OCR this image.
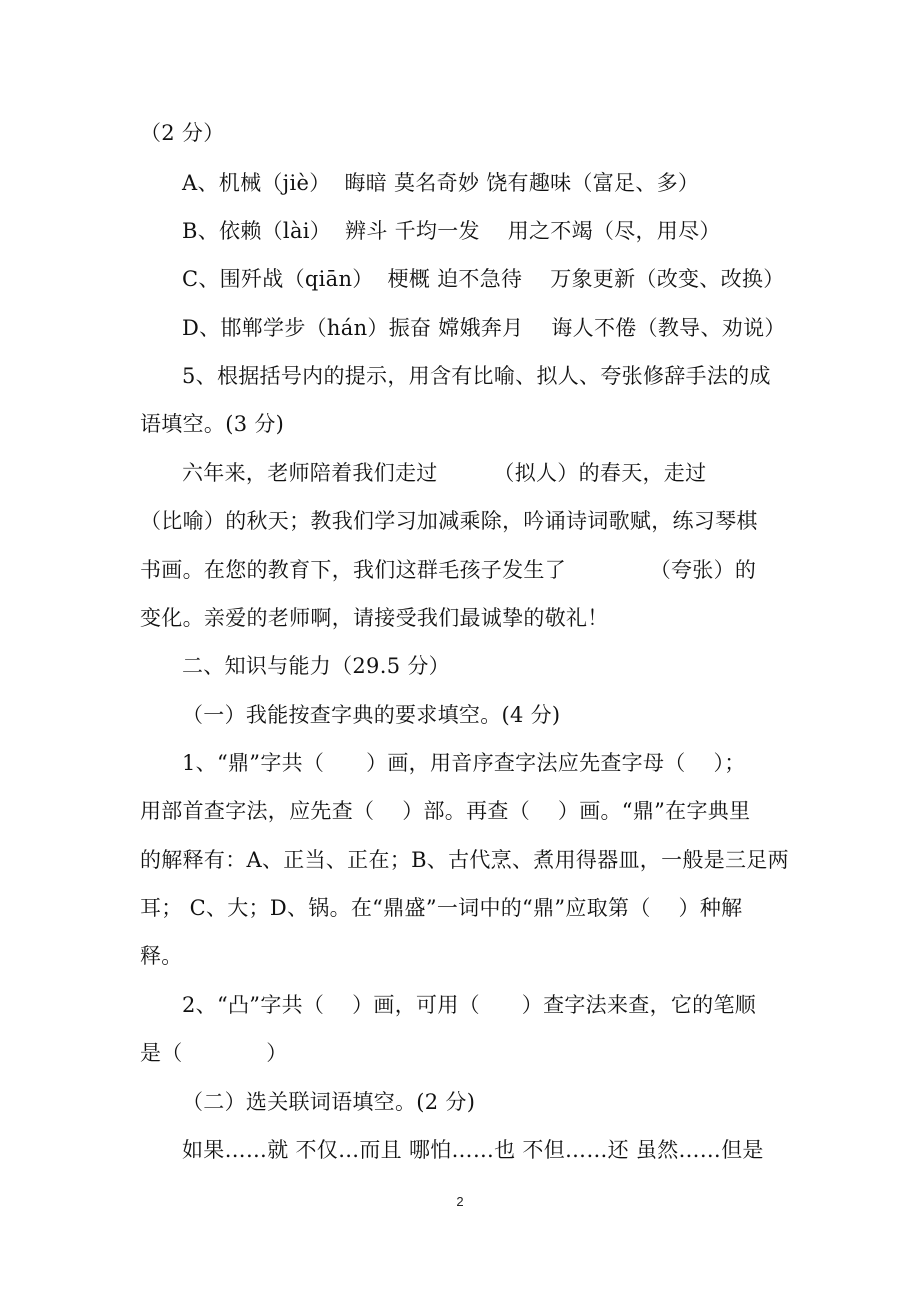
（2 分）
A、机械（jiè）  晦暗 莫名奇妙 饶有趣味（富足、多）
B、依赖（lài）  辨斗 千均一发    用之不竭（尽，用尽）
C、围歼战（qiān）  梗概 迫不急待    万象更新（改变、改换）
D、邯郸学步（hán）振奋 嫦娥奔月    诲人不倦（教导、劝说）
5、根据括号内的提示，用含有比喻、拟人、夸张修辞手法的成
语填空。(3 分)
六年来，老师陪着我们走过        （拟人）的春天，走过
（比喻）的秋天；教我们学习加减乘除，吟诵诗词歌赋，练习琴棋
书画。在您的教育下，我们这群毛孩子发生了            （夸张）的
变化。亲爱的老师啊，请接受我们最诚挚的敬礼！
二、知识与能力（29.5 分）
（一）我能按查字典的要求填空。(4 分)
1、“鼎”字共（      ）画，用音序查字法应先查字母（    ）；
用部首查字法，应先查（    ）部。再查（    ）画。“鼎”在字典里
的解释有：A、正当、正在；B、古代烹、煮用得器皿，一般是三足两
耳； C、大；D、锅。在“鼎盛”一词中的“鼎”应取第（    ）种解
释。
2、“凸”字共（    ）画，可用（      ）查字法来查，它的笔顺
是（            ）
（二）选关联词语填空。(2 分)
如果……就 不仅…而且 哪怕……也 不但……还 虽然……但是
2
